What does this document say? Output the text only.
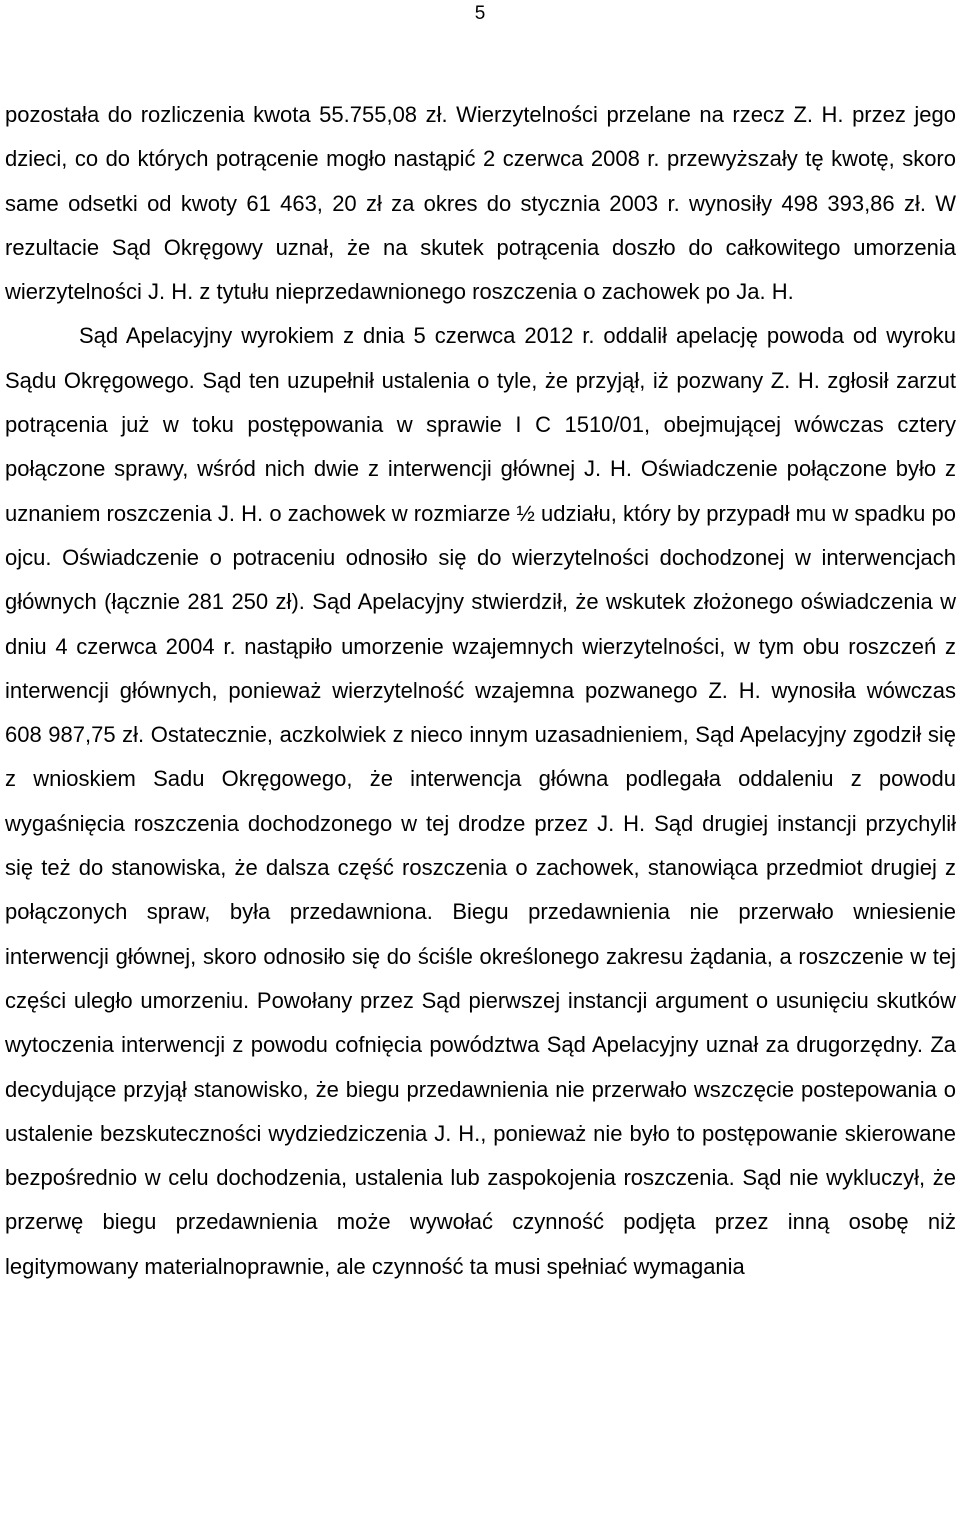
5

pozostała do rozliczenia kwota 55.755,08 zł. Wierzytelności przelane na rzecz Z. H. przez jego dzieci, co do których potrącenie mogło nastąpić 2 czerwca 2008 r. przewyższały tę kwotę, skoro same odsetki od kwoty 61 463, 20 zł za okres do stycznia 2003 r. wynosiły 498 393,86 zł. W rezultacie Sąd Okręgowy uznał, że na skutek potrącenia doszło do całkowitego umorzenia wierzytelności J. H. z tytułu nieprzedawnionego roszczenia o zachowek po Ja. H.

Sąd Apelacyjny wyrokiem z dnia 5 czerwca 2012 r. oddalił apelację powoda od wyroku Sądu Okręgowego. Sąd ten uzupełnił ustalenia o tyle, że przyjął, iż pozwany Z. H. zgłosił zarzut potrącenia już w toku postępowania w sprawie I C 1510/01, obejmującej wówczas cztery połączone sprawy, wśród nich dwie z interwencji głównej J. H. Oświadczenie połączone było z uznaniem roszczenia J. H. o zachowek w rozmiarze ½ udziału, który by przypadł mu w spadku po ojcu. Oświadczenie o potraceniu odnosiło się do wierzytelności dochodzonej w interwencjach głównych (łącznie 281 250 zł). Sąd Apelacyjny stwierdził, że wskutek złożonego oświadczenia w dniu 4 czerwca 2004 r. nastąpiło umorzenie wzajemnych wierzytelności, w tym obu roszczeń z interwencji głównych, ponieważ wierzytelność wzajemna pozwanego Z. H. wynosiła wówczas 608 987,75 zł. Ostatecznie, aczkolwiek z nieco innym uzasadnieniem, Sąd Apelacyjny zgodził się z wnioskiem Sadu Okręgowego, że interwencja główna podlegała oddaleniu z powodu wygaśnięcia roszczenia dochodzonego w tej drodze przez J. H. Sąd drugiej instancji przychylił się też do stanowiska, że dalsza część roszczenia o zachowek, stanowiąca przedmiot drugiej z połączonych spraw, była przedawniona. Biegu przedawnienia nie przerwało wniesienie interwencji głównej, skoro odnosiło się do ściśle określonego zakresu żądania, a roszczenie w tej części uległo umorzeniu. Powołany przez Sąd pierwszej instancji argument o usunięciu skutków wytoczenia interwencji z powodu cofnięcia powództwa Sąd Apelacyjny uznał za drugorzędny. Za decydujące przyjął stanowisko, że biegu przedawnienia nie przerwało wszczęcie postepowania o ustalenie bezskuteczności wydziedziczenia J. H., ponieważ nie było to postępowanie skierowane bezpośrednio w celu dochodzenia, ustalenia lub zaspokojenia roszczenia. Sąd nie wykluczył, że przerwę biegu przedawnienia może wywołać czynność podjęta przez inną osobę niż legitymowany materialnoprawnie, ale czynność ta musi spełniać wymagania
